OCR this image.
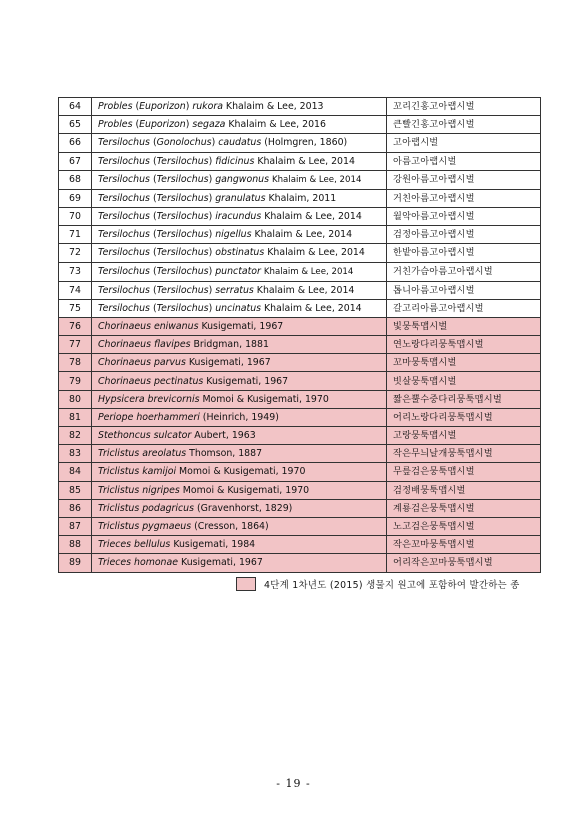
64	Probles (Euporizon) rukora Khalaim & Lee, 2013	꼬리긴홍고아랩시벌
65	Probles (Euporizon) segaza Khalaim & Lee, 2016	큰빨긴홍고아랩시벌
66	Tersilochus (Gonolochus) caudatus (Holmgren, 1860)	고아랩시벌
67	Tersilochus (Tersilochus) fidicinus Khalaim & Lee, 2014	아름고아랩시벌
68	Tersilochus (Tersilochus) gangwonus Khalaim & Lee, 2014	강원아름고아랩시벌
69	Tersilochus (Tersilochus) granulatus Khalaim, 2011	거친아름고아랩시벌
70	Tersilochus (Tersilochus) iracundus Khalaim & Lee, 2014	월악아름고아랩시벌
71	Tersilochus (Tersilochus) nigellus Khalaim & Lee, 2014	검정아름고아랩시벌
72	Tersilochus (Tersilochus) obstinatus Khalaim & Lee, 2014	한밭아름고아랩시벌
73	Tersilochus (Tersilochus) punctator Khalaim & Lee, 2014	거친가슴아름고아랩시벌
74	Tersilochus (Tersilochus) serratus Khalaim & Lee, 2014	톱니아름고아랩시벌
75	Tersilochus (Tersilochus) uncinatus Khalaim & Lee, 2014	갈고리아름고아랩시벌
76	Chorinaeus eniwanus Kusigemati, 1967	빛뭉툭맵시벌
77	Chorinaeus flavipes Bridgman, 1881	연노랑다리뭉툭맵시벌
78	Chorinaeus parvus Kusigemati, 1967	꼬마뭉툭맵시벌
79	Chorinaeus pectinatus Kusigemati, 1967	빗살뭉툭맵시벌
80	Hypsicera brevicornis Momoi & Kusigemati, 1970	짧은뿔수중다리뭉툭맵시벌
81	Periope hoerhammeri (Heinrich, 1949)	어리노랑다리뭉툭맵시벌
82	Stethoncus sulcator Aubert, 1963	고랑뭉툭맵시벌
83	Triclistus areolatus Thomson, 1887	작은무늬날개뭉툭맵시벌
84	Triclistus kamijoi Momoi & Kusigemati, 1970	무릎검은뭉툭맵시벌
85	Triclistus nigripes Momoi & Kusigemati, 1970	검정배뭉툭맵시벌
86	Triclistus podagricus (Gravenhorst, 1829)	계룡검은뭉툭맵시벌
87	Triclistus pygmaeus (Cresson, 1864)	노고검은뭉툭맵시벌
88	Trieces bellulus Kusigemati, 1984	작은꼬마뭉툭맵시벌
89	Trieces homonae Kusigemati, 1967	어리작은꼬마뭉툭맵시벌
4단계 1차년도 (2015) 생물지 원고에 포함하여 발간하는 종
- 19 -
